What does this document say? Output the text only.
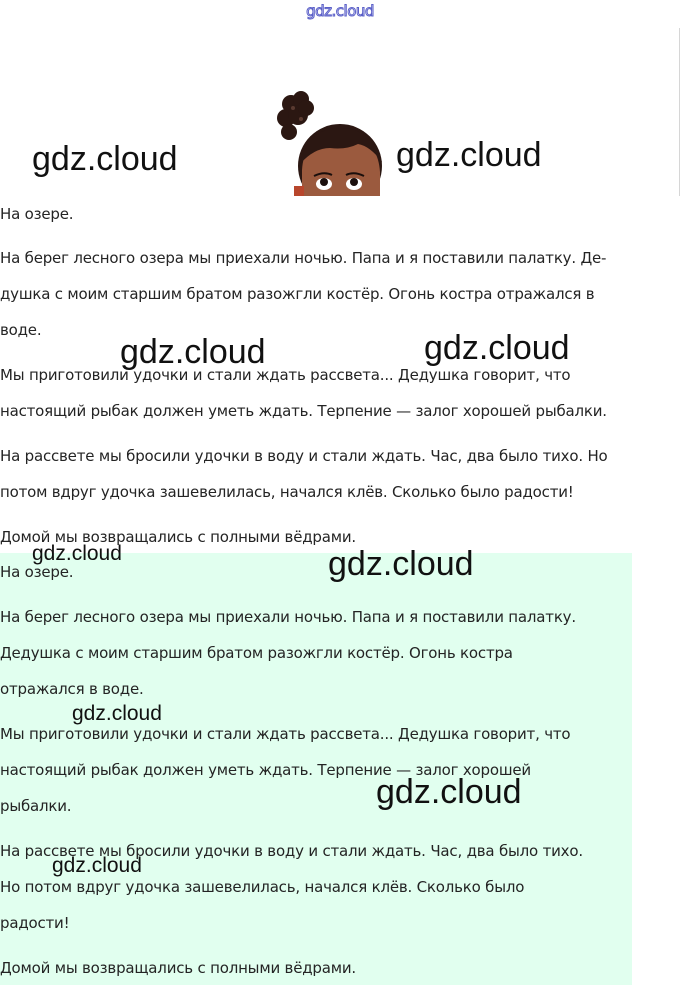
gdz.cloud

На озере.

На берег лесного озера мы приехали ночью. Папа и я поставили палатку. Де-

душка с моим старшим братом разожгли костёр. Огонь костра отражался в

воде.

Мы приготовили удочки и стали ждать рассвета... Дедушка говорит, что

настоящий рыбак должен уметь ждать. Терпение — залог хорошей рыбалки.

На рассвете мы бросили удочки в воду и стали ждать. Час, два было тихо. Но

потом вдруг удочка зашевелилась, начался клёв. Сколько было радости!

Домой мы возвращались с полными вёдрами.

На озере.

На берег лесного озера мы приехали ночью. Папа и я поставили палатку.

Дедушка с моим старшим братом разожгли костёр. Огонь костра

отражался в воде.

Мы приготовили удочки и стали ждать рассвета... Дедушка говорит, что

настоящий рыбак должен уметь ждать. Терпение — залог хорошей

рыбалки.

На рассвете мы бросили удочки в воду и стали ждать. Час, два было тихо.

Но потом вдруг удочка зашевелилась, начался клёв. Сколько было

радости!

Домой мы возвращались с полными вёдрами.

gdz.cloud	gdz.cloud
gdz.cloud	gdz.cloud
gdz.cloud	gdz.cloud
gdz.cloud
gdz.cloud
gdz.cloud
